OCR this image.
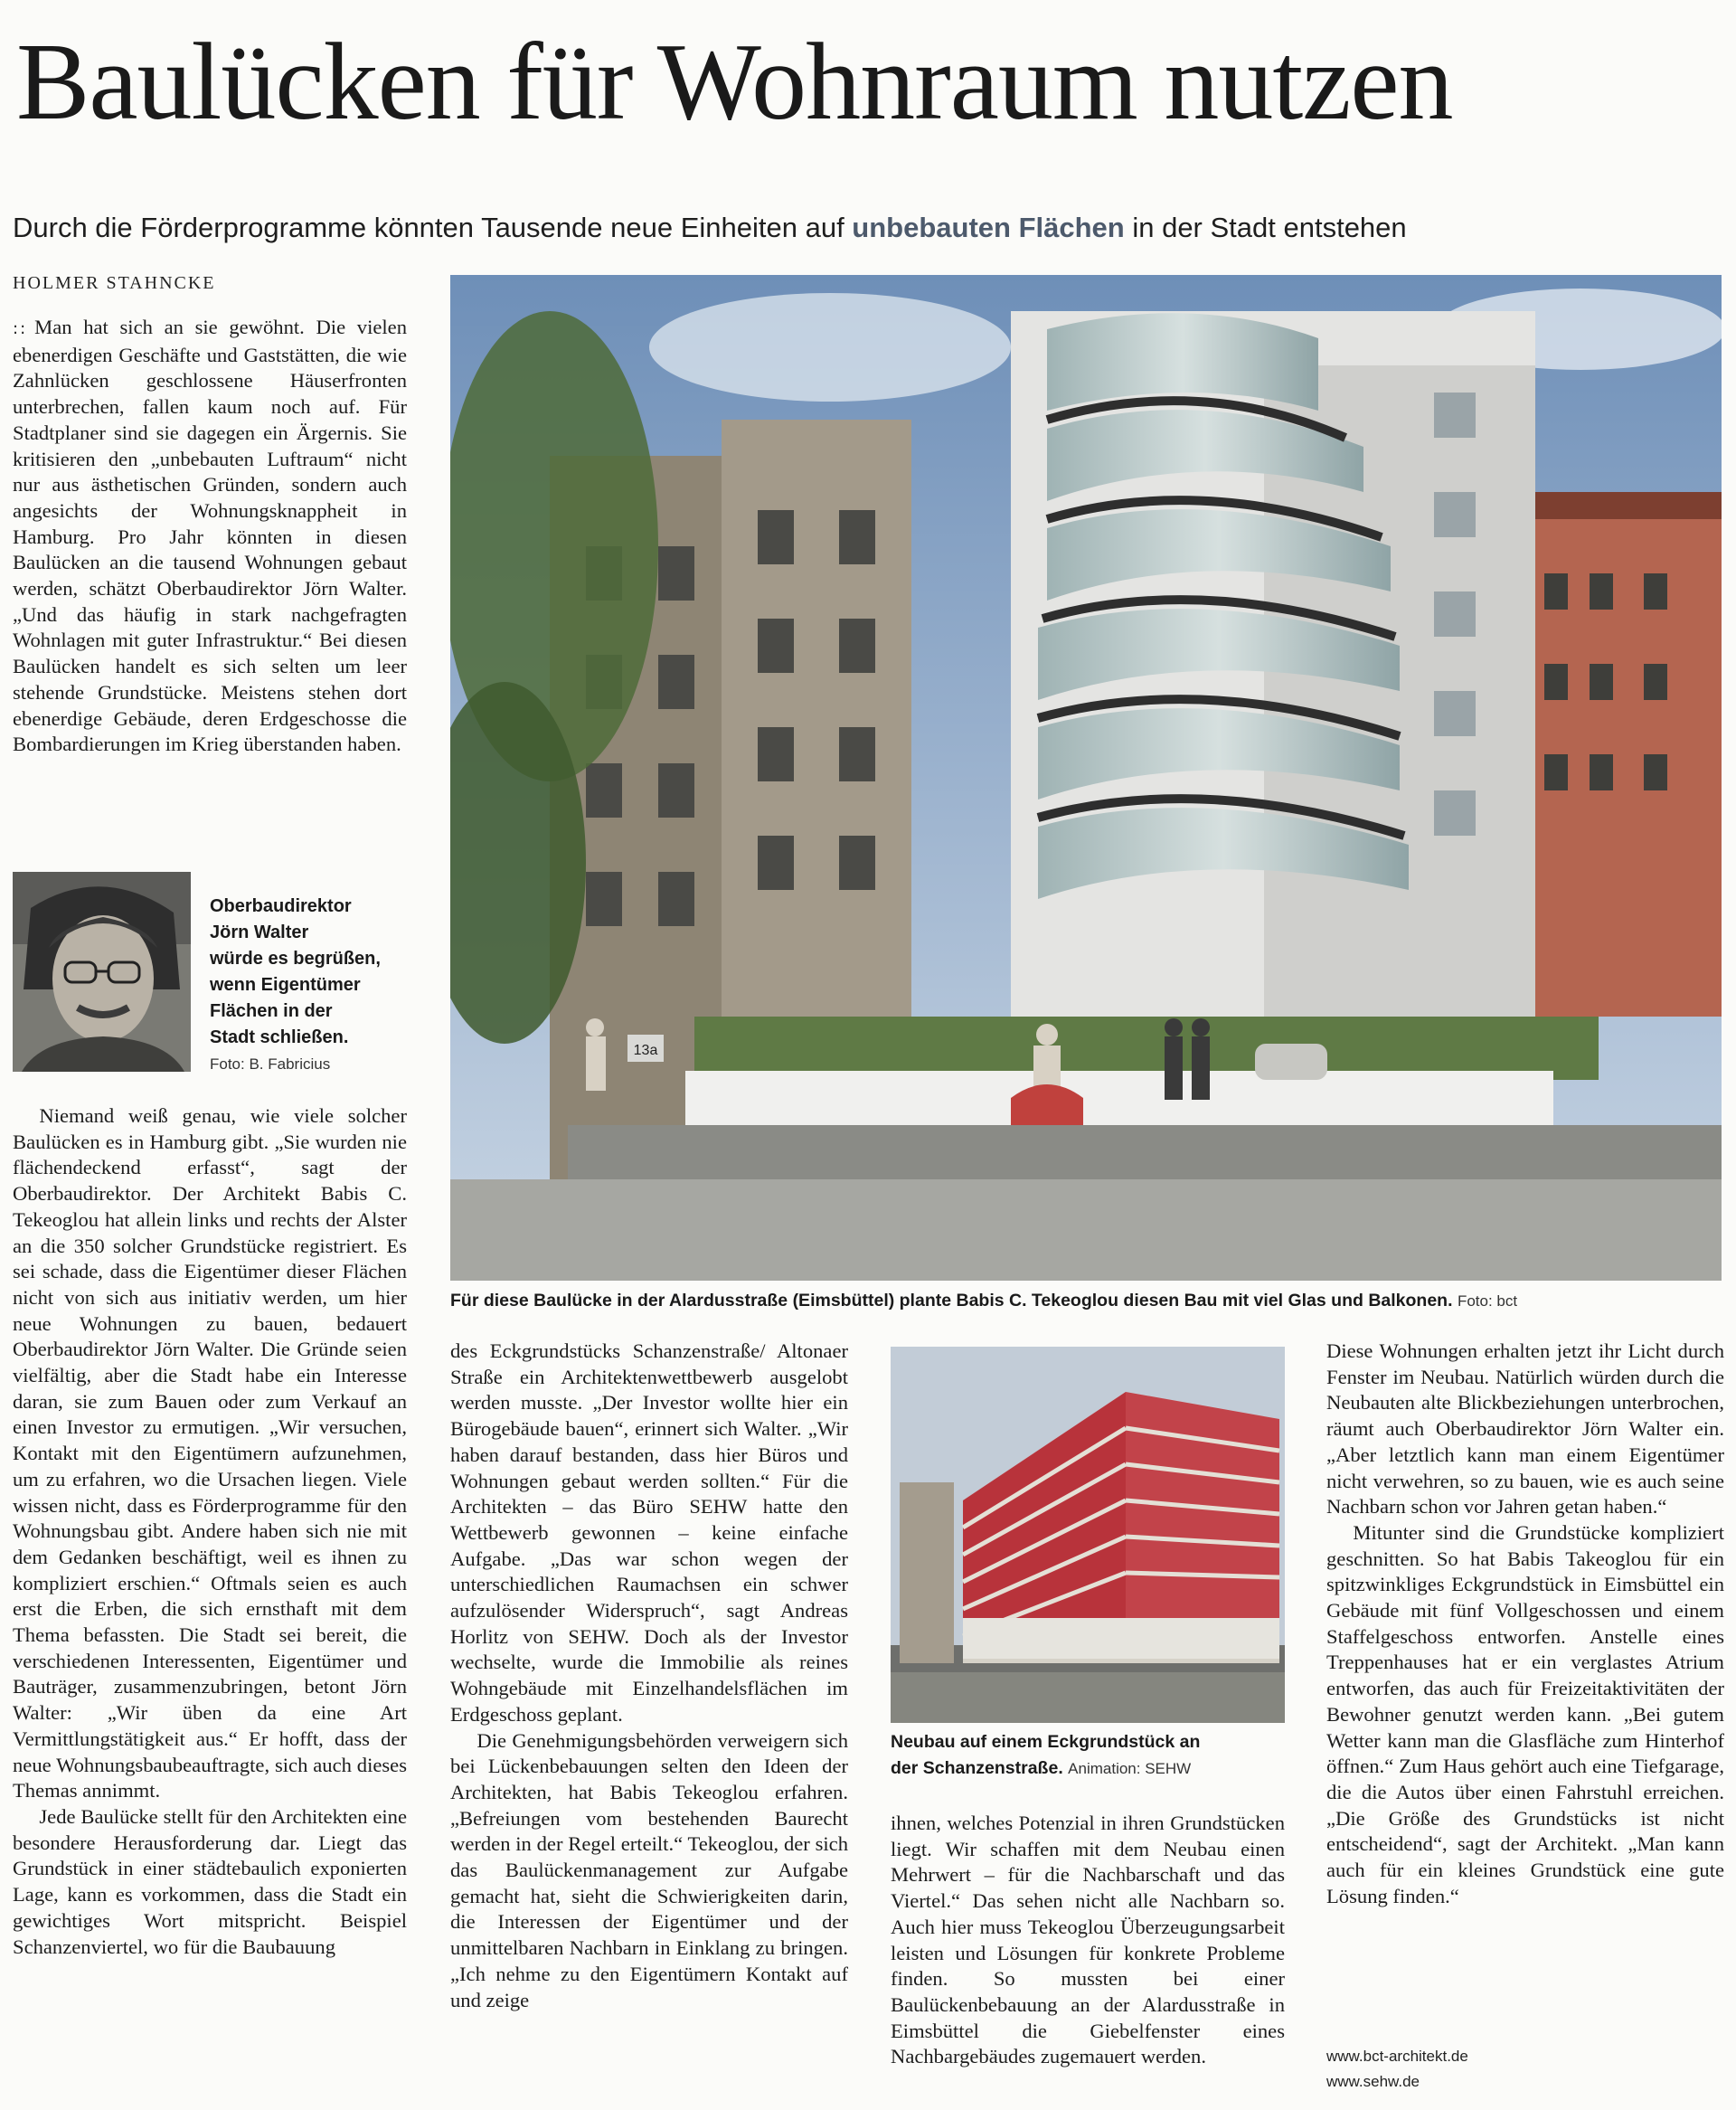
Baulücken für Wohnraum nutzen
Durch die Förderprogramme könnten Tausende neue Einheiten auf unbebauten Flächen in der Stadt entstehen
HOLMER STAHNCKE

:: Man hat sich an sie gewöhnt. Die vielen ebenerdigen Geschäfte und Gaststätten, die wie Zahnlücken geschlossene Häuserfronten unterbrechen, fallen kaum noch auf. Für Stadtplaner sind sie dagegen ein Ärgernis. Sie kritisieren den „unbebauten Luftraum“ nicht nur aus ästhetischen Gründen, sondern auch angesichts der Wohnungsknappheit in Hamburg. Pro Jahr könnten in diesen Baulücken an die tausend Wohnungen gebaut werden, schätzt Oberbaudirektor Jörn Walter. „Und das häufig in stark nachgefragten Wohnlagen mit guter Infrastruktur.“ Bei diesen Baulücken handelt es sich selten um leer stehende Grundstücke. Meistens stehen dort ebenerdige Gebäude, deren Erdgeschosse die Bombardierungen im Krieg überstanden haben.

Oberbaudirektor
Jörn Walter
würde es begrüßen,
wenn Eigentümer
Flächen in der
Stadt schließen.
Foto: B. Fabricius

Niemand weiß genau, wie viele solcher Baulücken es in Hamburg gibt. „Sie wurden nie flächendeckend erfasst“, sagt der Oberbaudirektor. Der Architekt Babis C. Tekeoglou hat allein links und rechts der Alster an die 350 solcher Grundstücke registriert. Es sei schade, dass die Eigentümer dieser Flächen nicht von sich aus initiativ werden, um hier neue Wohnungen zu bauen, bedauert Oberbaudirektor Jörn Walter. Die Gründe seien vielfältig, aber die Stadt habe ein Interesse daran, sie zum Bauen oder zum Verkauf an einen Investor zu ermutigen. „Wir versuchen, Kontakt mit den Eigentümern aufzunehmen, um zu erfahren, wo die Ursachen liegen. Viele wissen nicht, dass es Förderprogramme für den Wohnungsbau gibt. Andere haben sich nie mit dem Gedanken beschäftigt, weil es ihnen zu kompliziert erschien.“ Oftmals seien es auch erst die Erben, die sich ernsthaft mit dem Thema befassten. Die Stadt sei bereit, die verschiedenen Interessenten, Eigentümer und Bauträger, zusammenzubringen, betont Jörn Walter: „Wir üben da eine Art Vermittlungstätigkeit aus.“ Er hofft, dass der neue Wohnungsbaubeauftragte, sich auch dieses Themas annimmt.

Jede Baulücke stellt für den Architekten eine besondere Herausforderung dar. Liegt das Grundstück in einer städtebaulich exponierten Lage, kann es vorkommen, dass die Stadt ein gewichtiges Wort mitspricht. Beispiel Schanzenviertel, wo für die Baubauung

13a
Für diese Baulücke in der Alardusstraße (Eimsbüttel) plante Babis C. Tekeoglou diesen Bau mit viel Glas und Balkonen. Foto: bct

des Eckgrundstücks Schanzenstraße/ Altonaer Straße ein Architektenwettbewerb ausgelobt werden musste. „Der Investor wollte hier ein Bürogebäude bauen“, erinnert sich Walter. „Wir haben darauf bestanden, dass hier Büros und Wohnungen gebaut werden sollten.“ Für die Architekten – das Büro SEHW hatte den Wettbewerb gewonnen – keine einfache Aufgabe. „Das war schon wegen der unterschiedlichen Raumachsen ein schwer aufzulösender Widerspruch“, sagt Andreas Horlitz von SEHW. Doch als der Investor wechselte, wurde die Immobilie als reines Wohngebäude mit Einzelhandelsflächen im Erdgeschoss geplant.

Die Genehmigungsbehörden verweigern sich bei Lückenbebauungen selten den Ideen der Architekten, hat Babis Tekeoglou erfahren. „Befreiungen vom bestehenden Baurecht werden in der Regel erteilt.“ Tekeoglou, der sich das Baulückenmanagement zur Aufgabe gemacht hat, sieht die Schwierigkeiten darin, die Interessen der Eigentümer und der unmittelbaren Nachbarn in Einklang zu bringen. „Ich nehme zu den Eigentümern Kontakt auf und zeige

Neubau auf einem Eckgrundstück an
der Schanzenstraße. Animation: SEHW

ihnen, welches Potenzial in ihren Grundstücken liegt. Wir schaffen mit dem Neubau einen Mehrwert – für die Nachbarschaft und das Viertel.“ Das sehen nicht alle Nachbarn so. Auch hier muss Tekeoglou Überzeugungsarbeit leisten und Lösungen für konkrete Probleme finden. So mussten bei einer Baulückenbebauung an der Alardusstraße in Eimsbüttel die Giebelfenster eines Nachbargebäudes zugemauert werden.

Diese Wohnungen erhalten jetzt ihr Licht durch Fenster im Neubau. Natürlich würden durch die Neubauten alte Blickbeziehungen unterbrochen, räumt auch Oberbaudirektor Jörn Walter ein. „Aber letztlich kann man einem Eigentümer nicht verwehren, so zu bauen, wie es auch seine Nachbarn schon vor Jahren getan haben.“

Mitunter sind die Grundstücke kompliziert geschnitten. So hat Babis Takeoglou für ein spitzwinkliges Eckgrundstück in Eimsbüttel ein Gebäude mit fünf Vollgeschossen und einem Staffelgeschoss entworfen. Anstelle eines Treppenhauses hat er ein verglastes Atrium entworfen, das auch für Freizeitaktivitäten der Bewohner genutzt werden kann. „Bei gutem Wetter kann man die Glasfläche zum Hinterhof öffnen.“ Zum Haus gehört auch eine Tiefgarage, die die Autos über einen Fahrstuhl erreichen. „Die Größe des Grundstücks ist nicht entscheidend“, sagt der Architekt. „Man kann auch für ein kleines Grundstück eine gute Lösung finden.“

www.bct-architekt.de
www.sehw.de
